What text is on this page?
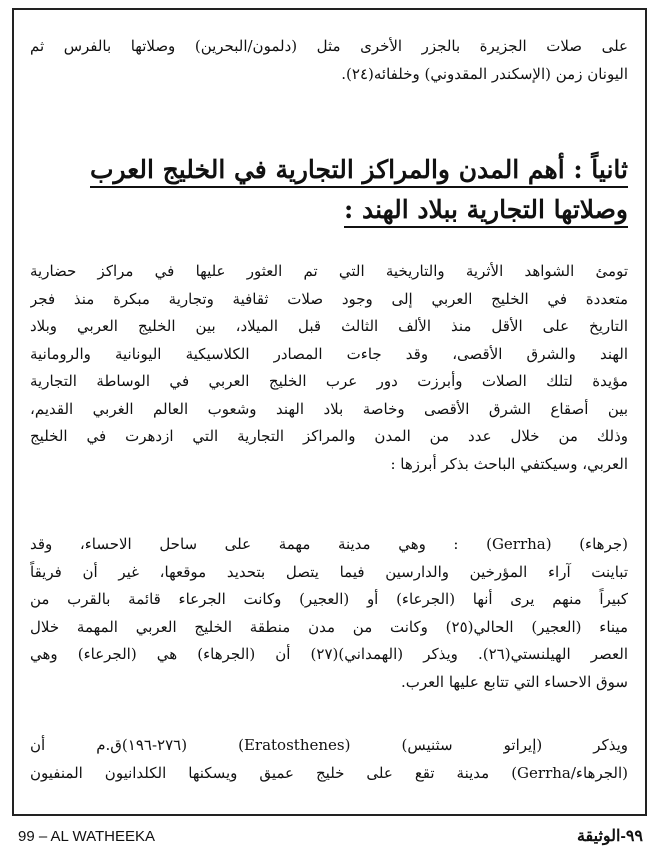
على صلات الجزيرة بالجزر الأخرى مثل (دلمون/البحرين) وصلاتها بالفرس ثم
اليونان زمن (الإسكندر المقدوني) وخلفائه(٢٤).
ثانياً : أهم المدن والمراكز التجارية في الخليج العرب
وصلاتها التجارية ببلاد الهند :
تومئ الشواهد الأثرية والتاريخية التي تم العثور عليها في مراكز حضارية
متعددة في الخليج العربي إلى وجود صلات ثقافية وتجارية مبكرة منذ فجر
التاريخ على الأقل منذ الألف الثالث قبل الميلاد، بين الخليج العربي وبلاد
الهند والشرق الأقصى، وقد جاءت المصادر الكلاسيكية اليونانية والرومانية
مؤيدة لتلك الصلات وأبرزت دور عرب الخليج العربي في الوساطة التجارية
بين أصقاع الشرق الأقصى وخاصة بلاد الهند وشعوب العالم الغربي القديم،
وذلك من خلال عدد من المدن والمراكز التجارية التي ازدهرت في الخليج
العربي، وسيكتفي الباحث بذكر أبرزها :
(جرهاء) (Gerrha) : وهي مدينة مهمة على ساحل الاحساء، وقد
تباينت آراء المؤرخين والدارسين فيما يتصل بتحديد موقعها، غير أن فريقاً
كبيراً منهم يرى أنها (الجرعاء) أو (العجير) وكانت الجرعاء قائمة بالقرب من
ميناء (العجير) الحالي(٢٥) وكانت من مدن منطقة الخليج العربي المهمة خلال
العصر الهيلنستي(٢٦). ويذكر (الهمداني)(٢٧) أن (الجرهاء) هي (الجرعاء) وهي
سوق الاحساء التي تتابع عليها العرب.
ويذكر (إيراتو سثنيس) (Eratosthenes) (٢٧٦-١٩٦)ق.م أن
(الجرهاء/Gerrha) مدينة تقع على خليج عميق ويسكنها الكلدانيون المنفيون
99 – AL WATHEEKA	٩٩-الوثيقة
